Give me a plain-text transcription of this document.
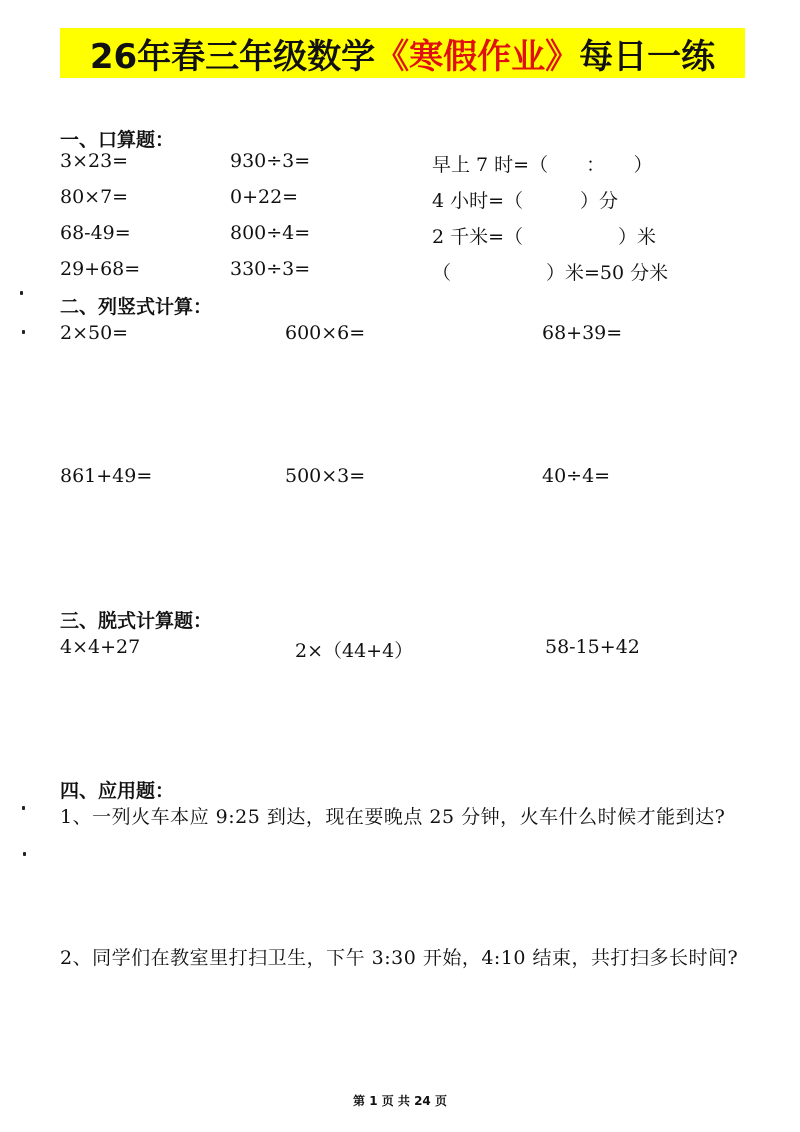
26年春三年级数学 《寒假作业》 每日一练
一、口算题：
3×23=	930÷3=	早上 7 时=（　　：　　）
80×7=	0+22=	4 小时=（　　　）分
68-49=	800÷4=	2 千米=（　　　　　）米
29+68=	330÷3=	（　　　　　）米=50 分米
二、列竖式计算：
2×50=	600×6=	68+39=
861+49=	500×3=	40÷4=
三、脱式计算题：
4×4+27	2×（44+4）	58-15+42
四、应用题：
1、一列火车本应 9:25 到达，现在要晚点 25 分钟，火车什么时候才能到达?
2、同学们在教室里打扫卫生，下午 3:30 开始，4:10 结束，共打扫多长时间?
第 1 页 共 24 页
